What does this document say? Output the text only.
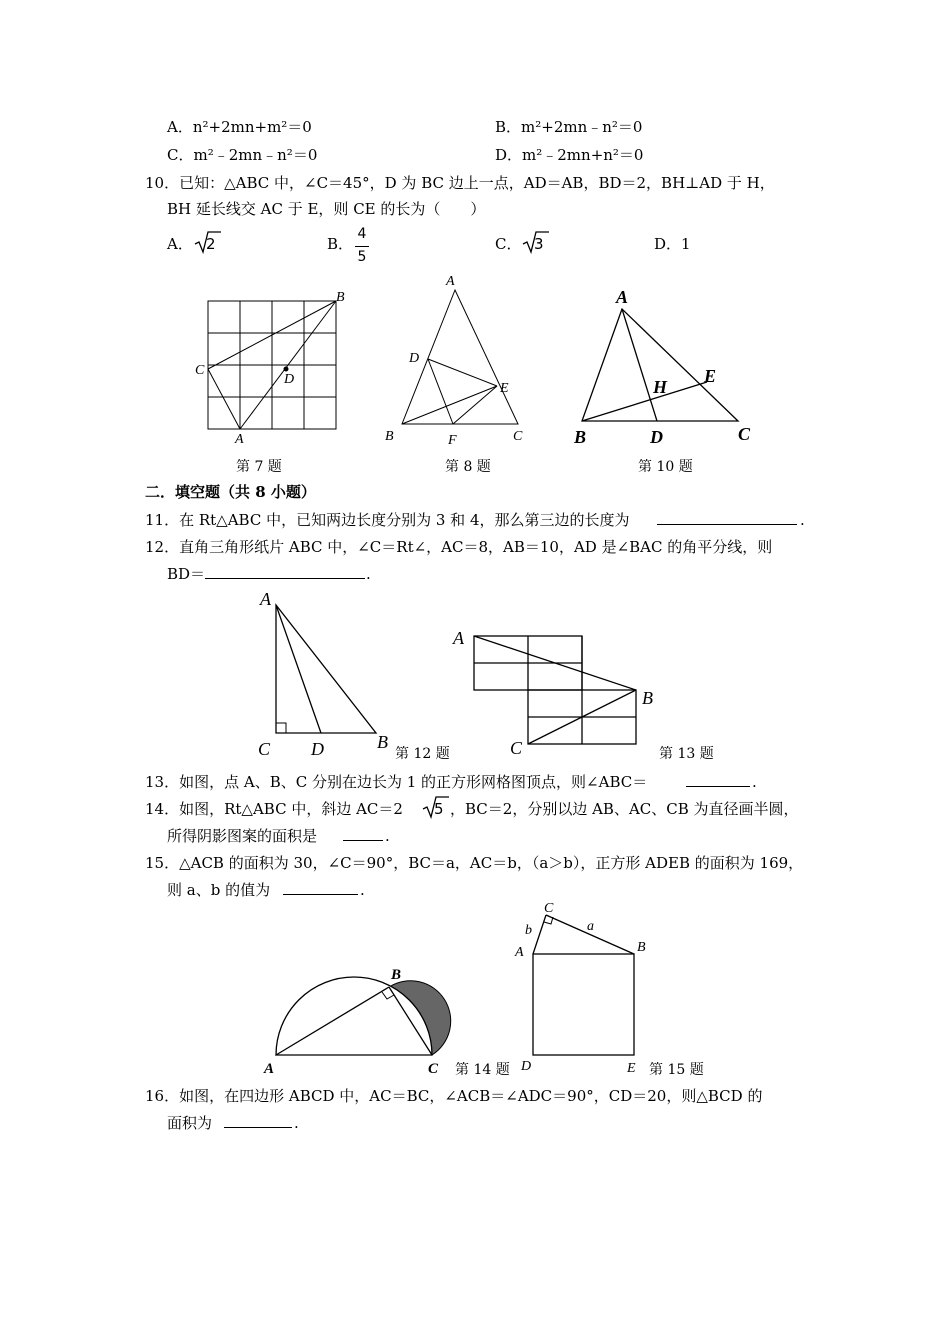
A．n²+2mn+m²＝0	B．m²+2mn﹣n²＝0
C．m²﹣2mn﹣n²＝0	D．m²﹣2mn+n²＝0
10．已知：△ABC 中，∠C＝45°，D 为 BC 边上一点，AD＝AB，BD＝2，BH⊥AD 于 H，
BH 延长线交 AC 于 E，则 CE 的长为（　　）
A． 2	B．
4
5
C． 3	D．1
B
C
D
A
第 7 题
A
D
E
B	F	C
第 8 题
A
H
E
B	D	C
第 10 题
二．填空题（共 8 小题）
11．在 Rt△ABC 中，已知两边长度分别为 3 和 4，那么第三边的长度为	.
12．直角三角形纸片 ABC 中，∠C＝Rt∠，AC＝8，AB＝10，AD 是∠BAC 的角平分线，则
BD＝	.
A
C D	B
第 12 题
A
B
C	第 13 题
13．如图，点 A、B、C 分别在边长为 1 的正方形网格图顶点，则∠ABC＝	.
14．如图，Rt△ABC 中，斜边 AC＝2 5 ，BC＝2，分别以边 AB、AC、CB 为直径画半圆，
所得阴影图案的面积是	.
15．△ACB 的面积为 30，∠C＝90°，BC＝a，AC＝b，（a＞b），正方形 ADEB 的面积为 169，
则 a、b 的值为	.
B
A	C 第 14 题
C
b	a
A	B
D	E 第 15 题
16．如图，在四边形 ABCD 中，AC＝BC，∠ACB＝∠ADC＝90°，CD＝20，则△BCD 的
面积为	.
